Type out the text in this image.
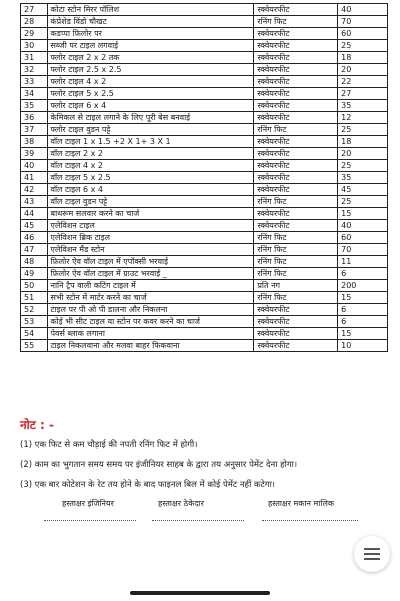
27	कोटा स्टोन मिरर पॉलिश	स्क्वेयरफीट	40
28	कंप्रेशेड विंडो चौखट	रनिंग फिट	70
29	कडप्पा फ़िलोर पर	स्क्वेयरफीट	60
30	सब्जी पर टाइल लगवाई	स्क्वेयरफीट	25
31	फ्लोर टाइल 2 x 2 तक	स्क्वेयरफीट	18
32	फ्लोर टाइल 2.5 x 2.5	स्क्वेयरफीट	20
33	फ्लोर टाइल 4 x 2	स्क्वेयरफीट	22
34	फ्लोर टाइल 5 x 2.5	स्क्वेयरफीट	27
35	फ्लोर टाइल 6 x 4	स्क्वेयरफीट	35
36	केमिकल से टाइल लगाने के लिए पूरी बेस बनवाई	स्क्वेयरफीट	12
37	फ्लोर टाइल वुडन पट्टे	रनिंग फिट	25
38	वॉल टाइल 1 x 1.5 +2 X 1+ 3 X 1	स्क्वेयरफीट	18
39	वॉल टाइल 2 x 2	स्क्वेयरफीट	20
40	वॉल टाइल 4 x 2	स्क्वेयरफीट	25
41	वॉल टाइल 5 x 2.5	स्क्वेयरफीट	35
42	वॉल टाइल 6 x 4	स्क्वेयरफीट	45
43	वॉल टाइल वुडन पट्टे	रनिंग फिट	25
44	बाथरूम सलवार करने का चार्ज	स्क्वेयरफीट	15
45	एलेविशन टाइल	स्क्वेयरफीट	40
46	एलेविशन ब्रिक टाइल	रनिंग फिट	60
47	एलेविशन मैंड स्टोन	रनिंग फिट	70
48	फ़िलोर ऐव वॉल टाइल में एपॉक्सी भरवाई	रनिंग फिट	11
49	फ़िलोर ऐव वॉल टाइल में ग्राउट भरवाई _	रनिंग फिट	6
50	नानि ट्रैप वाली कटिंग टाइल में	प्रति नग	200
51	सभी स्टोन में मार्टर करने का चार्ज	रनिंग फिट	15
52	टाइल पर पी ओ पी डालना और निकलना	स्क्वेयरफीट	6
53	कोई भी सीट टाइल या स्टोन पर कवर करने का चार्ज	स्क्वेयरफीट	6
54	पेवर्स ब्लाक लगाना	स्क्वेयरफीट	15
55	टाइल निकलवाना और मलवा बाहर फिकवाना	स्क्वेयरफीट	10
नोट : -
(1) एक फिट से कम चौड़ाई की नपती रनिंग फिट में होगी।
(2) काम का भुगतान समय समय पर इंजीनियर साहब के द्वारा तय अनुसार पेमेंट देना होगा।
(3) एक बार कोटेशन के रेट तय होने के बाद फाइनल बिल में कोई पेमेंट नहीं कटेगा।
हस्ताक्षर इंजिनियर	हस्ताक्षर ठेकेदार	हस्ताक्षर मकान मालिक
